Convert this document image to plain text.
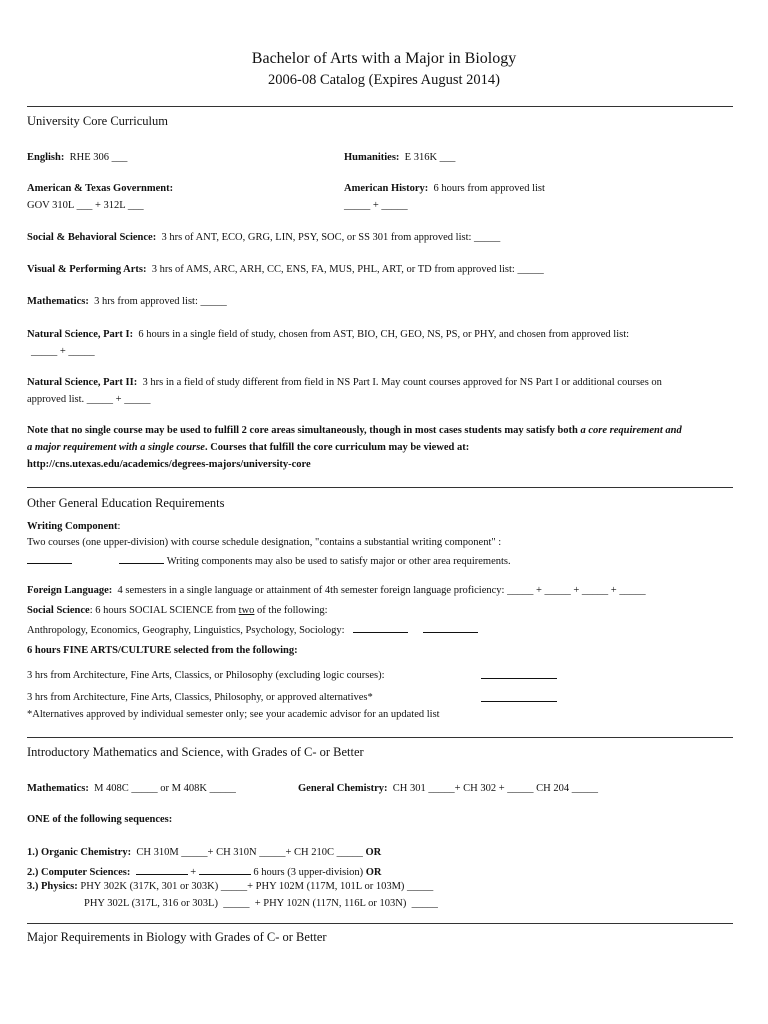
Bachelor of Arts with a Major in Biology
2006-08 Catalog (Expires August 2014)
University Core Curriculum
English: RHE 306 ___	Humanities: E 316K ___
American & Texas Government:
GOV 310L ___ + 312L ___
American History: 6 hours from approved list
_____ + _____
Social & Behavioral Science: 3 hrs of ANT, ECO, GRG, LIN, PSY, SOC, or SS 301 from approved list: _____
Visual & Performing Arts: 3 hrs of AMS, ARC, ARH, CC, ENS, FA, MUS, PHL, ART, or TD from approved list: _____
Mathematics: 3 hrs from approved list: _____
Natural Science, Part I: 6 hours in a single field of study, chosen from AST, BIO, CH, GEO, NS, PS, or PHY, and chosen from approved list:
_____ + _____
Natural Science, Part II: 3 hrs in a field of study different from field in NS Part I. May count courses approved for NS Part I or additional courses on
approved list. _____ + _____
Note that no single course may be used to fulfill 2 core areas simultaneously, though in most cases students may satisfy both a core requirement and
a major requirement with a single course. Courses that fulfill the core curriculum may be viewed at:
http://cns.utexas.edu/academics/degrees-majors/university-core
Other General Education Requirements
Writing Component:
Two courses (one upper-division) with course schedule designation, "contains a substantial writing component" :
Writing components may also be used to satisfy major or other area requirements.
Foreign Language: 4 semesters in a single language or attainment of 4th semester foreign language proficiency: _____ + _____ + _____ + _____
Social Science: 6 hours SOCIAL SCIENCE from two of the following:
Anthropology, Economics, Geography, Linguistics, Psychology, Sociology:
6 hours FINE ARTS/CULTURE selected from the following:
3 hrs from Architecture, Fine Arts, Classics, or Philosophy (excluding logic courses):
3 hrs from Architecture, Fine Arts, Classics, Philosophy, or approved alternatives*
*Alternatives approved by individual semester only; see your academic advisor for an updated list
Introductory Mathematics and Science, with Grades of C- or Better
Mathematics: M 408C _____ or M 408K _____	General Chemistry: CH 301 _____+ CH 302 + _____ CH 204 _____
ONE of the following sequences:
1.) Organic Chemistry: CH 310M _____+ CH 310N _____+ CH 210C _____ OR
2.) Computer Sciences:	+	6 hours (3 upper-division) OR
3.) Physics: PHY 302K (317K, 301 or 303K) _____+ PHY 102M (117M, 101L or 103M) _____
PHY 302L (317L, 316 or 303L)  _____  + PHY 102N (117N, 116L or 103N)  _____
Major Requirements in Biology with Grades of C- or Better
